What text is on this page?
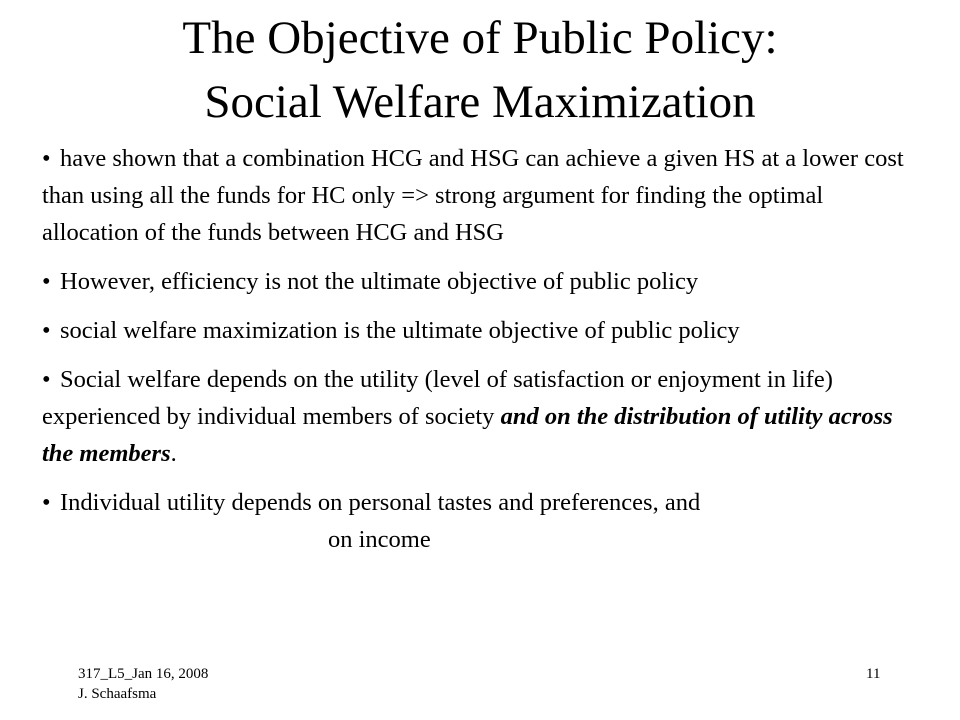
The Objective of Public Policy:
Social Welfare Maximization
• have shown that a combination HCG and HSG can achieve a given HS at a lower cost than using all the funds for HC only => strong argument for finding the optimal allocation of the funds between HCG and HSG
• However, efficiency is not the ultimate objective of public policy
• social welfare maximization is the ultimate objective of public policy
• Social welfare depends on the utility (level of satisfaction or enjoyment in life) experienced by individual members of society and on the distribution of utility across the members.
• Individual utility depends on personal tastes and preferences, and
on income
317_L5_Jan 16, 2008
J. Schaafsma
11
